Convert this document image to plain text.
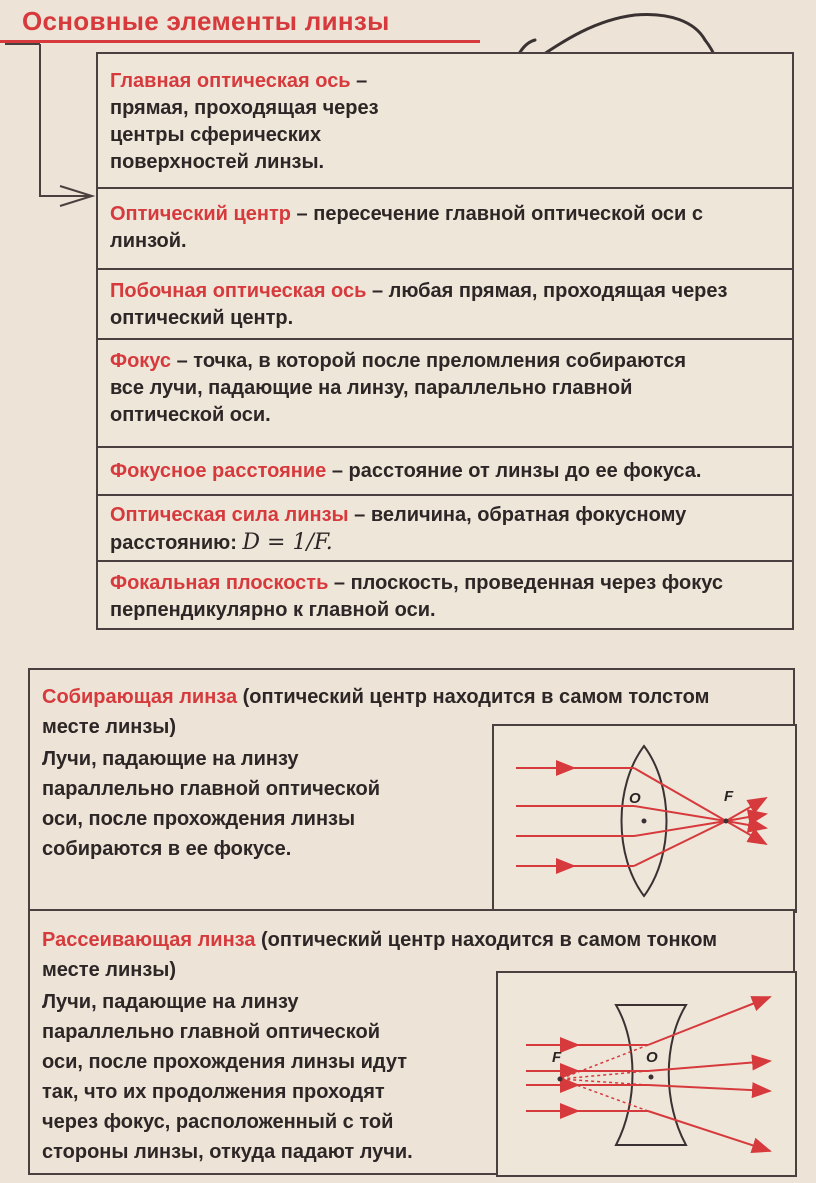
Основные элементы линзы
Главная оптическая ось –
прямая, проходящая через
центры сферических
поверхностей линзы.
Оптический центр – пересечение главной оптической оси с
линзой.
Побочная оптическая ось – любая прямая, проходящая через
оптический центр.
Фокус – точка, в которой после преломления собираются
все лучи, падающие на линзу, параллельно главной
оптической оси.
Фокусное расстояние – расстояние от линзы до ее фокуса.
Оптическая сила линзы – величина, обратная фокусному
расстоянию: D = 1/F.
Фокальная плоскость – плоскость, проведенная через фокус
перпендикулярно к главной оси.
Собирающая линза (оптический центр находится в самом толстом
месте линзы)
Лучи, падающие на линзу
параллельно главной оптической
оси, после прохождения линзы
собираются в ее фокусе.
O	F
Рассеивающая линза (оптический центр находится в самом тонком
месте линзы)
Лучи, падающие на линзу
параллельно главной оптической
оси, после прохождения линзы идут
так, что их продолжения проходят
через фокус, расположенный с той
стороны линзы, откуда падают лучи.
F	O
